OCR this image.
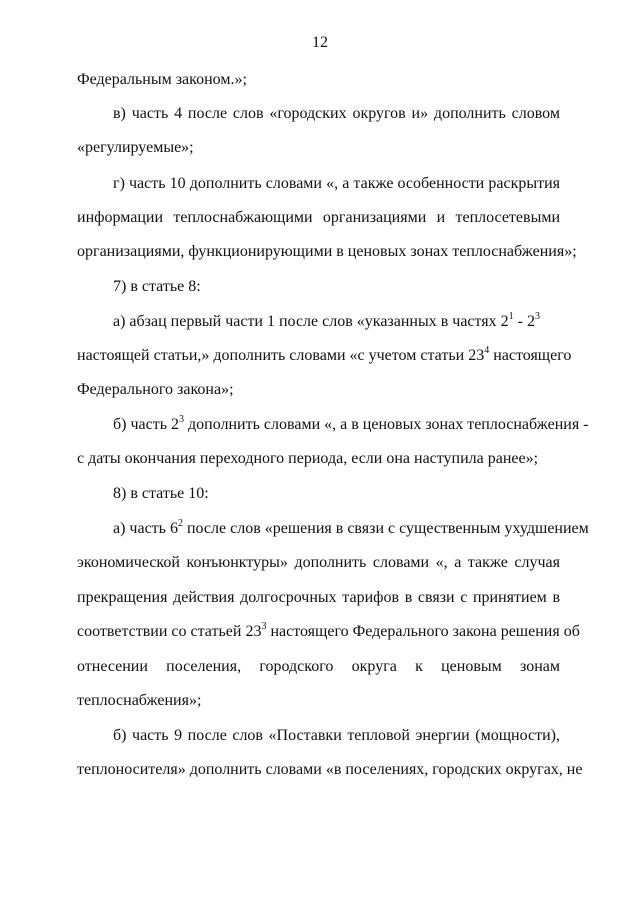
12
Федеральным законом.»;
в) часть 4 после слов «городских округов и» дополнить словом
«регулируемые»;
г) часть 10 дополнить словами «, а также особенности раскрытия
информации теплоснабжающими организациями и теплосетевыми
организациями, функционирующими в ценовых зонах теплоснабжения»;
7) в статье 8:
а) абзац первый части 1 после слов «указанных в частях $2^1 - 2^3$
настоящей статьи,» дополнить словами «с учетом статьи $23^4$ настоящего
Федерального закона»;
б) часть $2^3$ дополнить словами «, а в ценовых зонах теплоснабжения -
с даты окончания переходного периода, если она наступила ранее»;
8) в статье 10:
а) часть $6^2$ после слов «решения в связи с существенным ухудшением
экономической конъюнктуры» дополнить словами «, а также случая
прекращения действия долгосрочных тарифов в связи с принятием в
соответствии со статьей $23^3$ настоящего Федерального закона решения об
отнесении поселения, городского округа к ценовым зонам
теплоснабжения»;
б) часть 9 после слов «Поставки тепловой энергии (мощности),
теплоносителя» дополнить словами «в поселениях, городских округах, не
